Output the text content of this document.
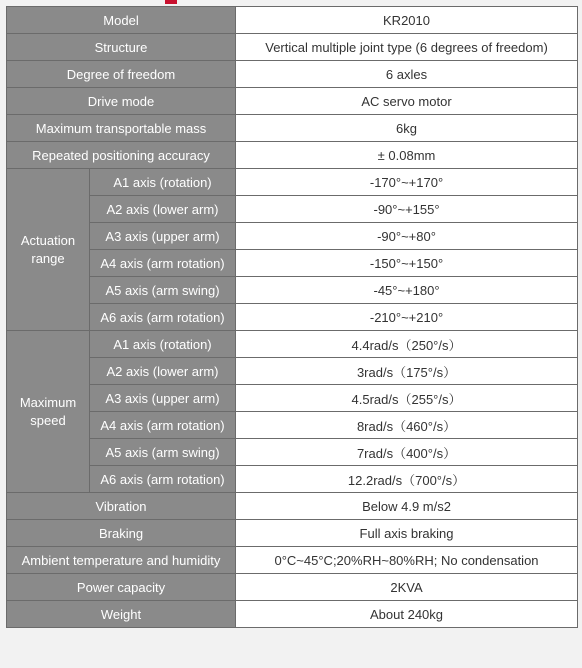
Model		KR2010
Structure		Vertical multiple joint type (6 degrees of freedom)
Degree of freedom		6 axles
Drive mode		AC servo motor
Maximum transportable mass		6kg
Repeated positioning accuracy		± 0.08mm

Actuation
range	A1 axis (rotation)	-170°~+170°
	A2 axis (lower arm)	-90°~+155°
	A3 axis (upper arm)	-90°~+80°
	A4 axis (arm rotation)	-150°~+150°
	A5 axis (arm swing)	-45°~+180°
	A6 axis (arm rotation)	-210°~+210°

Maximum
speed	A1 axis (rotation)	4.4rad/s（250°/s）
	A2 axis (lower arm)	3rad/s（175°/s）
	A3 axis (upper arm)	4.5rad/s（255°/s）
	A4 axis (arm rotation)	8rad/s（460°/s）
	A5 axis (arm swing)	7rad/s（400°/s）
	A6 axis (arm rotation)	12.2rad/s（700°/s）
Vibration		Below 4.9 m/s2
Braking		Full axis braking
Ambient temperature and humidity		0°C~45°C;20%RH~80%RH; No condensation
Power capacity		2KVA
Weight		About 240kg
